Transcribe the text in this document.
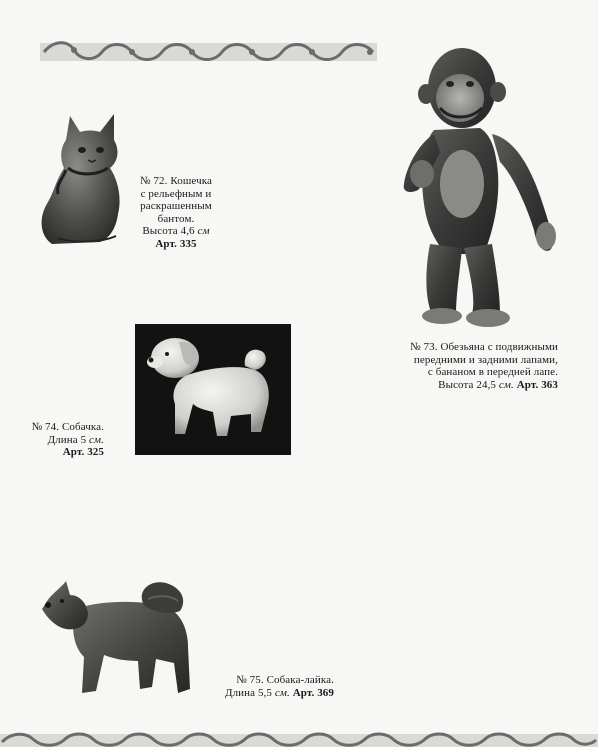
№ 72. Кошечка
с рельефным и
раскрашенным
бантом.
Высота 4,6 см
Арт. 335
№ 73. Обезьяна с подвижными
передними и задними лапами,
с бананом в передней лапе.
Высота 24,5 см. Арт. 363
№ 74. Собачка.
Длина 5 см.
Арт. 325
№ 75. Собака-лайка.
Длина 5,5 см. Арт. 369
